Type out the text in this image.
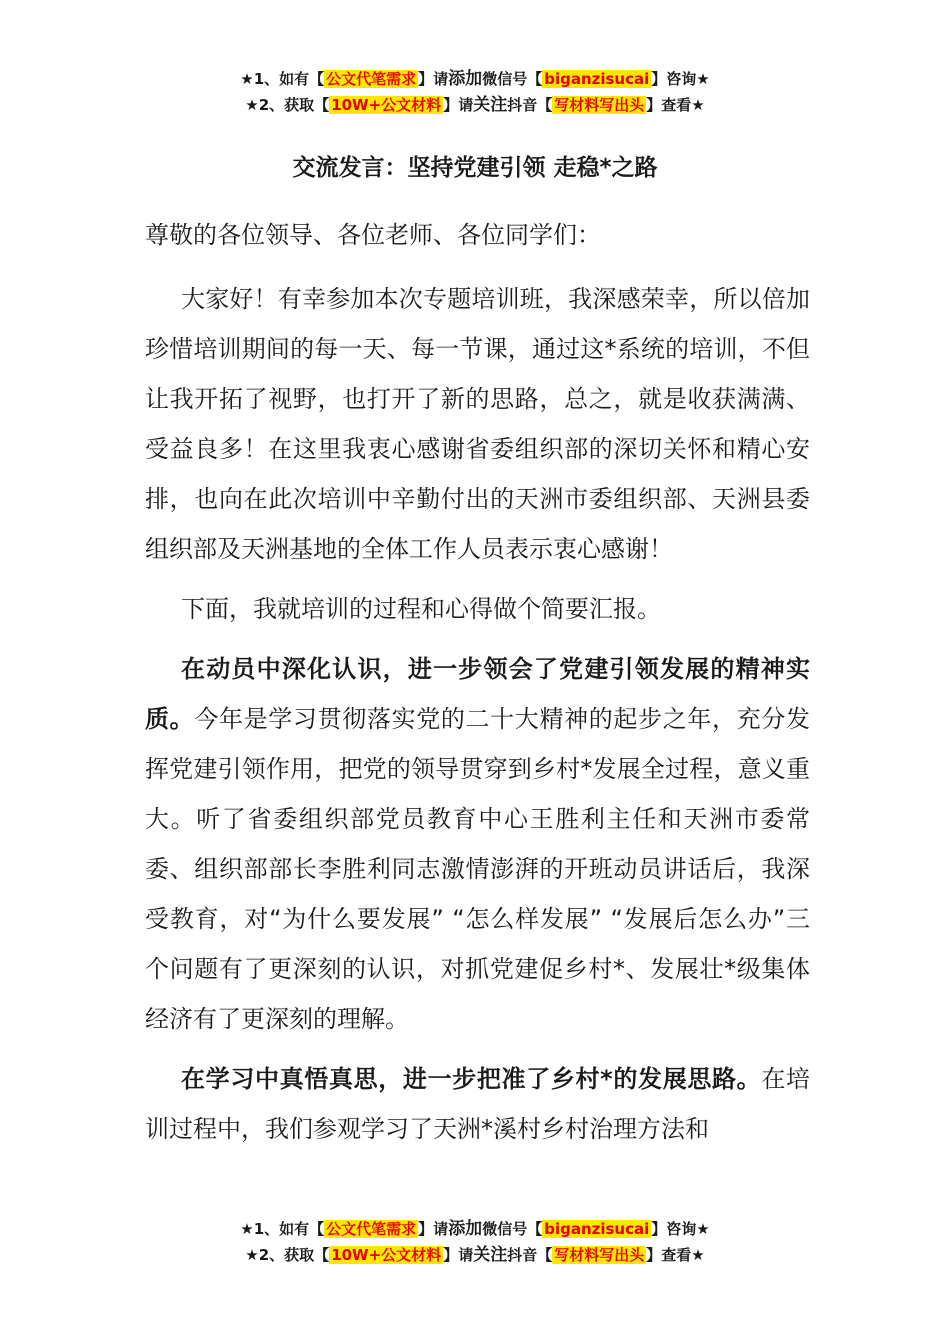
★1、如有【 公文代笔需求 】请添加微信号【 biganzisucai 】咨询★
★2、获取【 10W+公文材料 】请关注抖音【 写材料写出头 】查看★
交流发言：坚持党建引领 走稳*之路

尊敬的各位领导、各位老师、各位同学们：

大家好！有幸参加本次专题培训班，我深感荣幸，所以倍加珍惜培训期间的每一天、每一节课，通过这*系统的培训，不但让我开拓了视野，也打开了新的思路，总之，就是收获满满、受益良多！在这里我衷心感谢省委组织部的深切关怀和精心安排，也向在此次培训中辛勤付出的天洲市委组织部、天洲县委组织部及天洲基地的全体工作人员表示衷心感谢！

下面，我就培训的过程和心得做个简要汇报。

在动员中深化认识，进一步领会了党建引领发展的精神实质。今年是学习贯彻落实党的二十大精神的起步之年，充分发挥党建引领作用，把党的领导贯穿到乡村*发展全过程，意义重大。听了省委组织部党员教育中心王胜利主任和天洲市委常委、组织部部长李胜利同志激情澎湃的开班动员讲话后，我深受教育，对“为什么要发展” “怎么样发展” “发展后怎么办”三个问题有了更深刻的认识，对抓党建促乡村*、发展壮*级集体经济有了更深刻的理解。

在学习中真悟真思，进一步把准了乡村*的发展思路。在培训过程中，我们参观学习了天洲*溪村乡村治理方法和

★1、如有【 公文代笔需求 】请添加微信号【 biganzisucai 】咨询★
★2、获取【 10W+公文材料 】请关注抖音【 写材料写出头 】查看★
